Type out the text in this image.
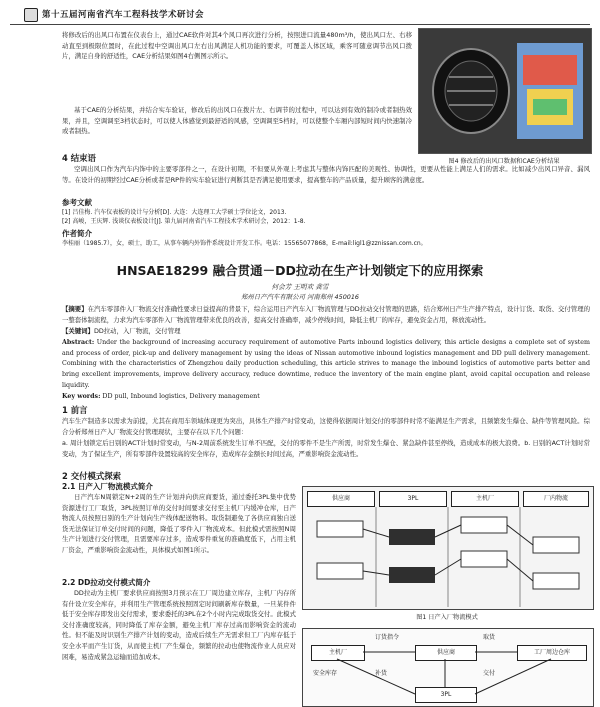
第十五届河南省汽车工程科技学术研讨会

将修改后的出风口布置在仪表台上，通过CAE软件对其4个风口再次进行分析，按照进口流量480m³/h，使出风口左、右移动直至到极限位置时，在此过程中空调出风口左右出风满足人机功能的要求，可覆盖人体区域，乘客可随意调节出风口拨片，满足自身的舒适性，CAE分析结果如图4右侧图示所示。

基于CAE的分析结果，并结合实车验证，修改后的出风口在拨片左、右调节的过程中，可以达到有效的制冷或者制热效果，并且，空调调至3档状态时，可以使人体感觉到最舒适的风感，空调调至5档时，可以使整个车厢内部短时间内快速制冷或者制热。

图4 修改后的出风口数据和CAE分析结果

4 结束语

空调出风口作为汽车内饰中的主要零部件之一，在设计初期，不但要从外观上考虑其与整体内饰匹配的美观性、协调性，更要从性能上满足人们的需求。比如减少出风口异音、漏风等。在设计的初期经过CAE分析或者是RP件的实车验证进行判断其是否满足使用要求，提高整车的产品质量，提升顾客的满意度。

参考文献

[1] 吕佳梅. 汽车仪表板的设计与分析[D]. 大连：大连理工大学硕士学位论文，2013.

[2] 高峻，王庆辉. 浅谈仪表板设计[J]. 第九届河南省汽车工程技术学术研讨会，2012：1-8.

作者简介

李桂丽（1985.7），女，硕士，助工，从事车辆内外饰件系统设计开发工作。电话：15565077868，E-mail:ligl1@zznissan.com.cn。

HNSAE18299 融合贯通－DD拉动在生产计划锁定下的应用探索

何会芳 王明欢 龚雪

郑州日产汽车有限公司 河南郑州 450016

【摘要】在汽车零部件入厂物流交付准确性要求日益提高的背景下，综合运用日产汽车入厂物流管理与DD拉动交付管理的思路，结合郑州日产生产排产特点，设计订货、取货、交付管理的一整套体制流程，力求为汽车零部件入厂物流管理带来优良的改善，提高交付准确率，减少停线时间，降低主机厂的库存，避免资金占用，释放流动性。

【关键词】DD拉动，入厂物流，交付管理

Abstract: Under the background of increasing accuracy requirement of automotive Parts inbound logistics delivery, this article designs a complete set of system and process of order, pick-up and delivery management by using the ideas of Nissan automotive inbound logistics management and DD pull delivery management. Combining with the characteristics of Zhengzhou daily production scheduling, this article strives to manage the inbound logistics of automotive parts better and bring excellent improvements, improve delivery accuracy, reduce downtime, reduce the inventory of the main engine plant, avoid capital occupation and release liquidity.

Key words: DD pull, Inbound logistics, Delivery management

1 前言

汽车生产制造多以需求为前提，尤其在商用车领域体现更为突出，具体生产排产时常变动，这使得依据周计划交付的零部件时常不能满足生产需求，且频繁发生爆仓、缺件等管理风险。综合分析郑州日产入厂物流交付管理现状，主要存在以下几个问题：

a. 周计划锁定后日别的ACT计划时常变动，与N-2周前系统发生订单不匹配，交付的零件不是生产所需，时常发生爆仓、紧急缺件甚至停线，造成成本的极大浪费。b. 日别的ACT计划时常变动，为了保证生产，所有零部件设置较高的安全库存，造成库存金额长时间过高，严重影响资金流动性。

2 交付模式探索

2.1 日产入厂物流模式简介

日产汽车N周锁定N+2周的生产计划并向供应商要货，通过委托3PL集中优势资源进行工厂取货，3PL按照订单的交付时间要求交付至主机厂内缓冲仓库，日产物流人员按照日别的生产计划向生产线体配送物料。取货制避免了各供应商独自送货无法保证订单交付时间的问题，降低了零件入厂物流成本。但此模式需按照N周生产计划进行交付管理，且需要库存过多，造成零件重复的准确度低下，占用主机厂资金，严重影响资金流动性，具体模式如图1所示。

2.2 DD拉动交付模式简介

DD拉动为主机厂要求供应商按照3月预示在工厂周边建立库存，主机厂内存所有什设立安全库存，并利用生产管理系统按照固定时间刷新库存数量，一旦某件件低于安全库存即发出交付需求，要求委托的3PL在2个小时内完成取货交付。此模式交付准确度较高，同时降低了库存金额，避免主机厂库存过高而影响资金的流动性。但不能及时识别生产排产计划的变动，造成后续生产无需求但工厂内库存低于安全水平而产生订货，从而使主机厂产生爆仓，频繁的拉动也使物流作业人员应对困难，易造成紧急运输而追加成本。

供应商	3PL	主机厂	厂内物流

图1 日产入厂物流模式

主机厂	供应商	工厂周边仓库
3PL
订货指令	取货
交付
补货
安全库存
